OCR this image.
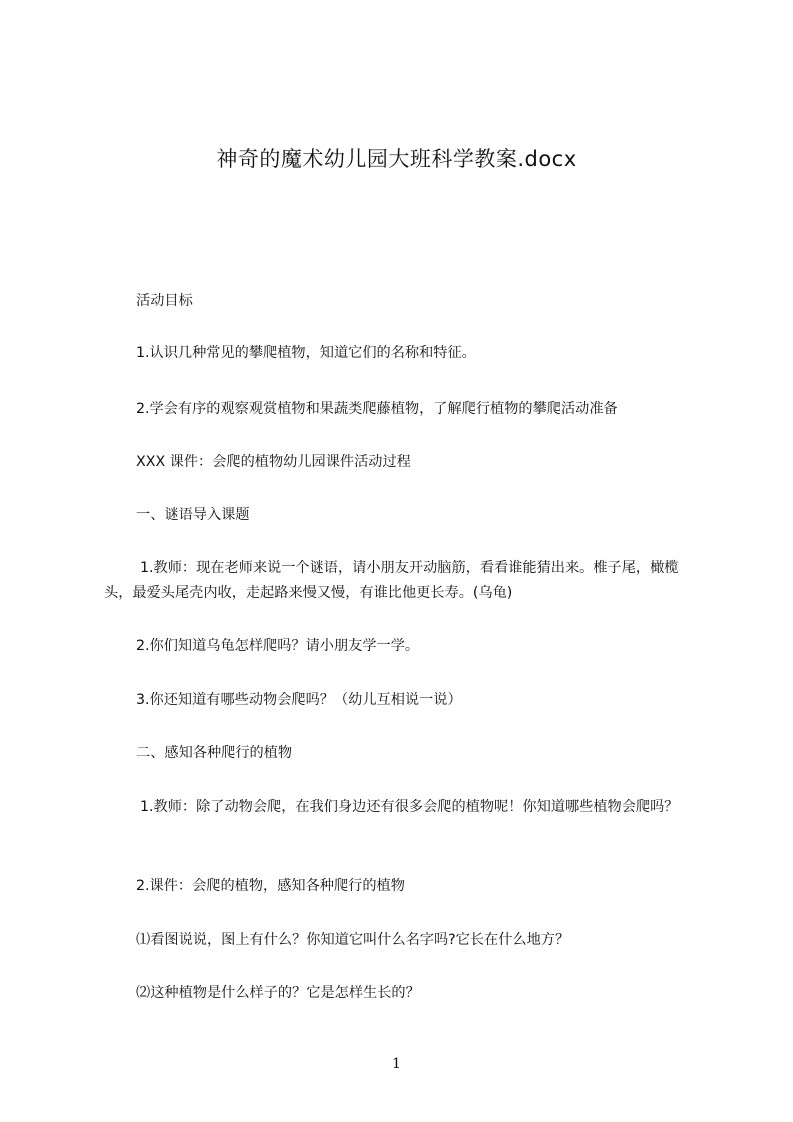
神奇的魔术幼儿园大班科学教案.docx
活动目标
1.认识几种常见的攀爬植物，知道它们的名称和特征。
2.学会有序的观察观赏植物和果蔬类爬藤植物，了解爬行植物的攀爬活动准备
XXX 课件：会爬的植物幼儿园课件活动过程
一、谜语导入课题
1.教师：现在老师来说一个谜语，请小朋友开动脑筋，看看谁能猜出来。椎子尾，橄榄头，最爱头尾壳内收，走起路来慢又慢，有谁比他更长寿。(乌龟)
2.你们知道乌龟怎样爬吗？请小朋友学一学。
3.你还知道有哪些动物会爬吗？（幼儿互相说一说）
二、感知各种爬行的植物
1.教师：除了动物会爬，在我们身边还有很多会爬的植物呢！你知道哪些植物会爬吗？
2.课件：会爬的植物，感知各种爬行的植物
⑴看图说说，图上有什么？你知道它叫什么名字吗?它长在什么地方？
⑵这种植物是什么样子的？它是怎样生长的？
1
